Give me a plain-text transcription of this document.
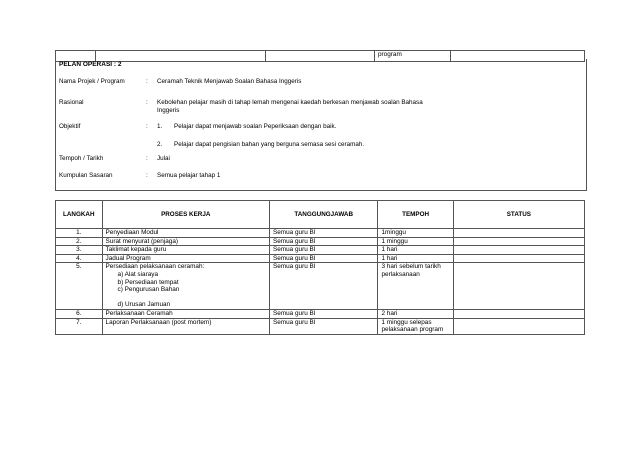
			program	
PELAN OPERASI : 2
Nama Projek / Program	: Ceramah Teknik Menjawab Soalan Bahasa Inggeris
Rasional	: Kebolehan pelajar masih di tahap lemah mengenai kaedah berkesan menjawab soalan Bahasa Inggeris
Objektif	: 1. Pelajar dapat menjawab soalan Peperiksaan dengan baik.
2. Pelajar dapat pengisian bahan yang berguna semasa sesi ceramah.
Tempoh / Tarikh	: Julai
Kumpulan Sasaran	: Semua pelajar tahap 1
LANGKAH	PROSES KERJA	TANGGUNGJAWAB	TEMPOH	STATUS
1.	Penyediaan Modul	Semua guru BI	1minggu	
2.	Surat menyurat (penjaga)	Semua guru BI	1 minggu	
3.	Taklimat kepada guru	Semua guru BI	1 hari	
4.	Jadual Program	Semua guru BI	1 hari	
5.	Persediaan pelaksanaan ceramah:
a) Alat siaraya
b) Persediaan tempat
c) Pengurusan Bahan

d) Urusan Jamuan	Semua guru BI	3 hari sebelum tarikh perlaksanaan	
6.	Perlaksanaan Ceramah	Semua guru BI	2 hari	
7.	Laporan Perlaksanaan (post mortem)	Semua guru BI	1 minggu selepas pelaksanaan program	
